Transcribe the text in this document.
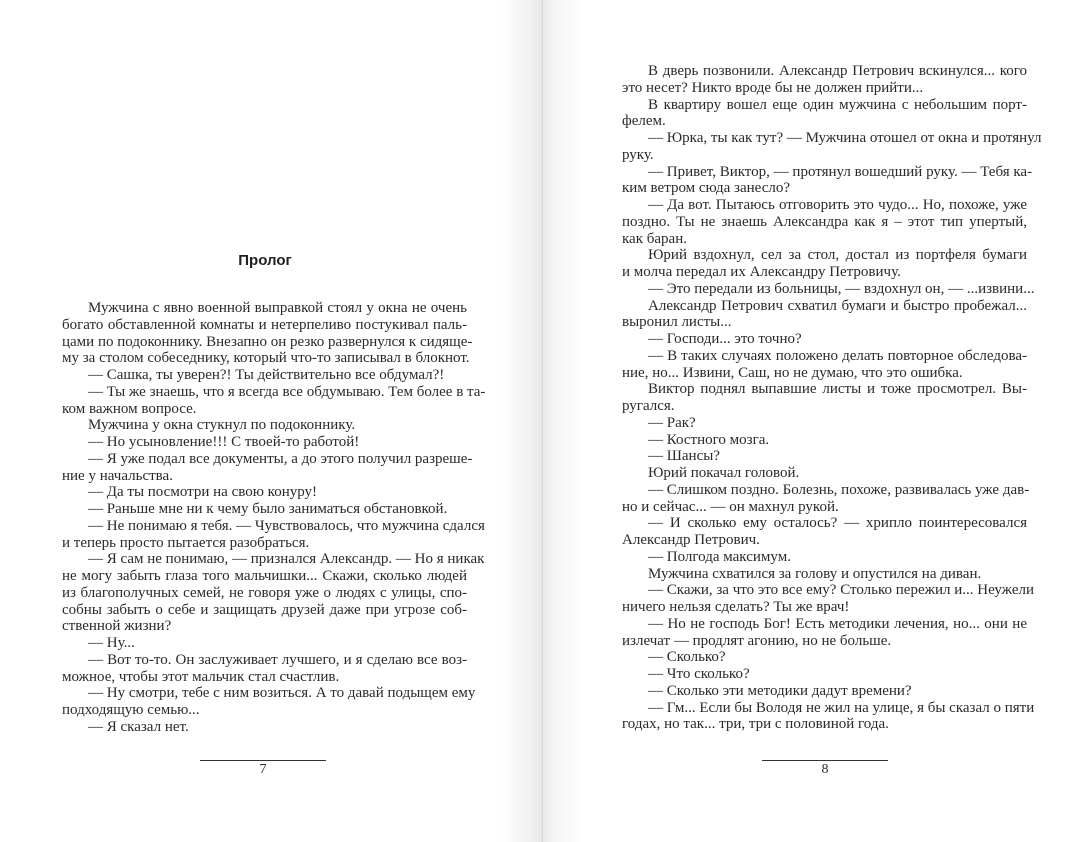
Пролог
Мужчина с явно военной выправкой стоял у окна не очень
богато обставленной комнаты и нетерпеливо постукивал паль-
цами по подоконнику. Внезапно он резко развернулся к сидяще-
му за столом собеседнику, который что-то записывал в блокнот.
— Сашка, ты уверен?! Ты действительно все обдумал?!
— Ты же знаешь, что я всегда все обдумываю. Тем более в та-
ком важном вопросе.
Мужчина у окна стукнул по подоконнику.
— Но усыновление!!! С твоей-то работой!
— Я уже подал все документы, а до этого получил разреше-
ние у начальства.
— Да ты посмотри на свою конуру!
— Раньше мне ни к чему было заниматься обстановкой.
— Не понимаю я тебя. — Чувствовалось, что мужчина сдался
и теперь просто пытается разобраться.
— Я сам не понимаю, — признался Александр. — Но я никак
не могу забыть глаза того мальчишки... Скажи, сколько людей
из благополучных семей, не говоря уже о людях с улицы, спо-
собны забыть о себе и защищать друзей даже при угрозе соб-
ственной жизни?
— Ну...
— Вот то-то. Он заслуживает лучшего, и я сделаю все воз-
можное, чтобы этот мальчик стал счастлив.
— Ну смотри, тебе с ним возиться. А то давай подыщем ему
подходящую семью...
— Я сказал нет.
7
В дверь позвонили. Александр Петрович вскинулся... кого
это несет? Никто вроде бы не должен прийти...
В квартиру вошел еще один мужчина с небольшим порт-
фелем.
— Юрка, ты как тут? — Мужчина отошел от окна и протянул
руку.
— Привет, Виктор, — протянул вошедший руку. — Тебя ка-
ким ветром сюда занесло?
— Да вот. Пытаюсь отговорить это чудо... Но, похоже, уже
поздно. Ты не знаешь Александра как я – этот тип упертый,
как баран.
Юрий вздохнул, сел за стол, достал из портфеля бумаги
и молча передал их Александру Петровичу.
— Это передали из больницы, — вздохнул он, — ...извини...
Александр Петрович схватил бумаги и быстро пробежал...
выронил листы...
— Господи... это точно?
— В таких случаях положено делать повторное обследова-
ние, но... Извини, Саш, но не думаю, что это ошибка.
Виктор поднял выпавшие листы и тоже просмотрел. Вы-
ругался.
— Рак?
— Костного мозга.
— Шансы?
Юрий покачал головой.
— Слишком поздно. Болезнь, похоже, развивалась уже дав-
но и сейчас... — он махнул рукой.
— И сколько ему осталось? — хрипло поинтересовался
Александр Петрович.
— Полгода максимум.
Мужчина схватился за голову и опустился на диван.
— Скажи, за что это все ему? Столько пережил и... Неужели
ничего нельзя сделать? Ты же врач!
— Но не господь Бог! Есть методики лечения, но... они не
излечат — продлят агонию, но не больше.
— Сколько?
— Что сколько?
— Сколько эти методики дадут времени?
— Гм... Если бы Володя не жил на улице, я бы сказал о пяти
годах, но так... три, три с половиной года.
8
